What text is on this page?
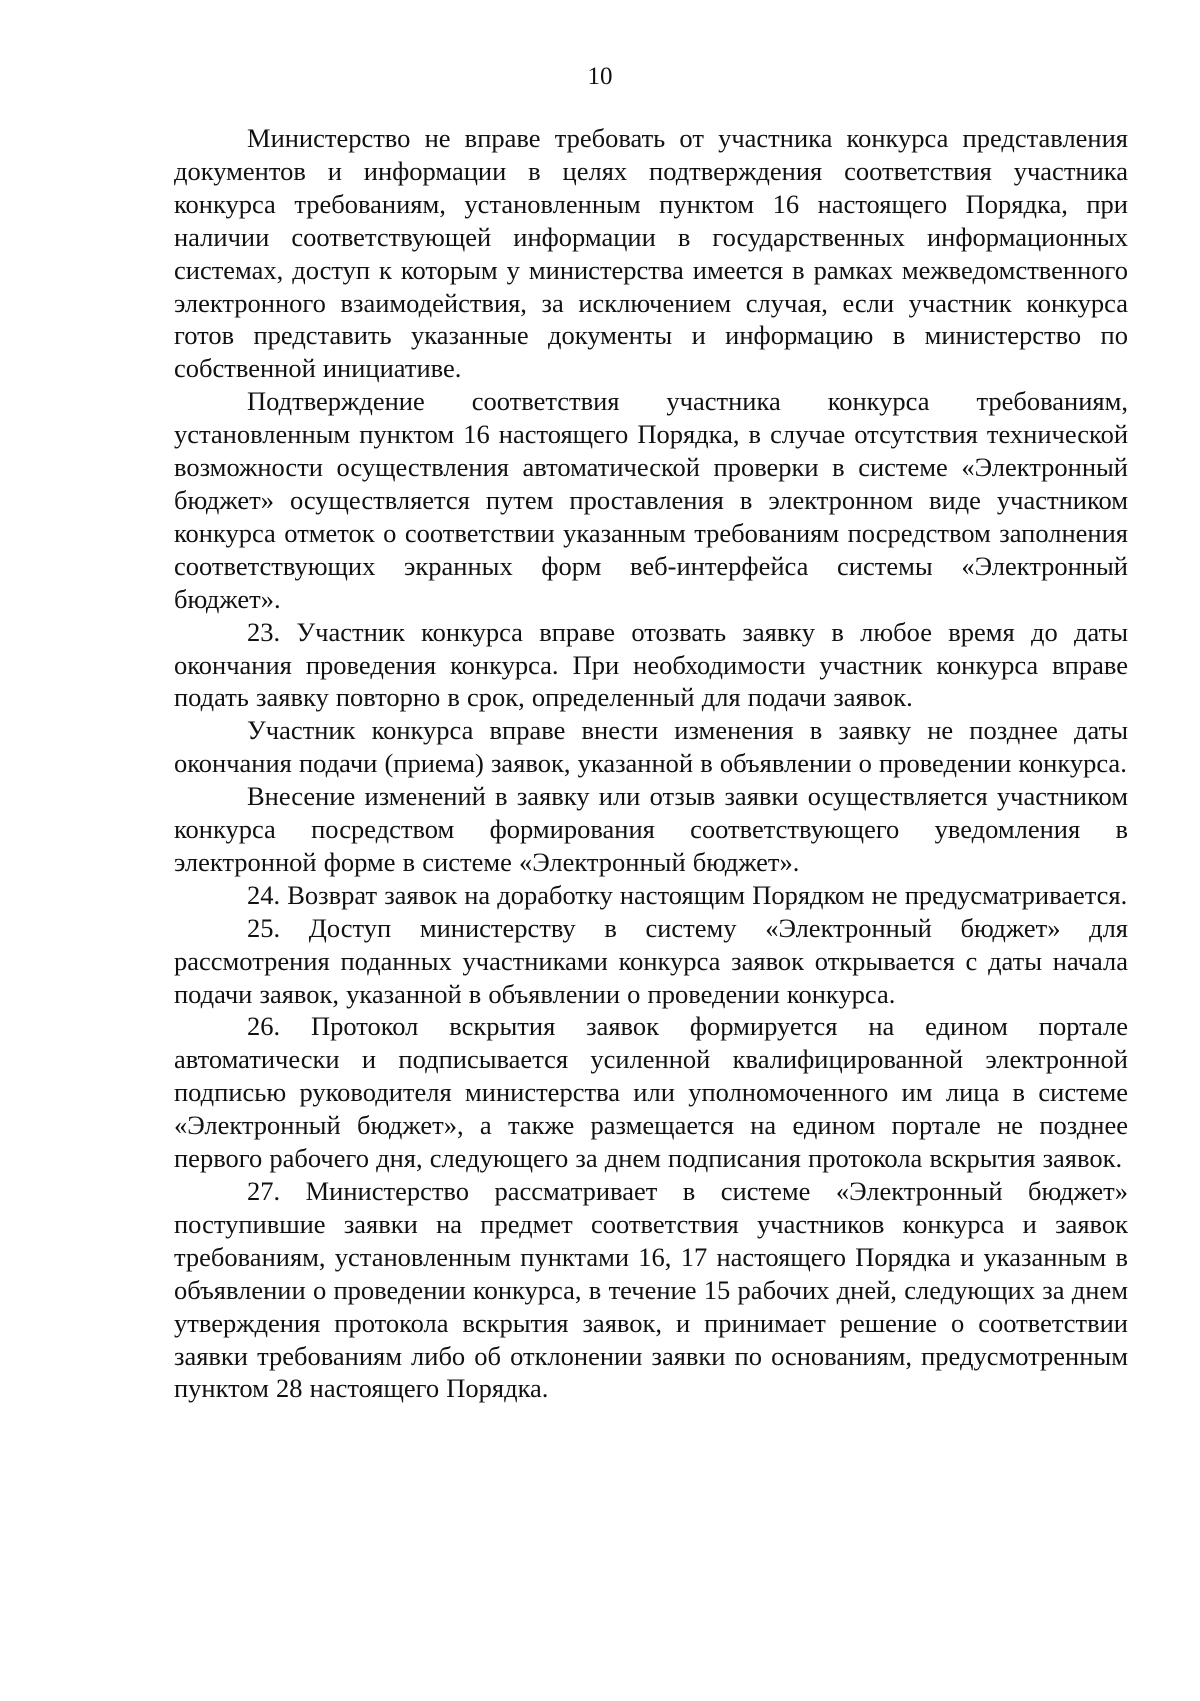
10

Министерство не вправе требовать от участника конкурса представления документов и информации в целях подтверждения соответствия участника конкурса требованиям, установленным пунктом 16 настоящего Порядка, при наличии соответствующей информации в государственных информационных системах, доступ к которым у министерства имеется в рамках межведомственного электронного взаимодействия, за исключением случая, если участник конкурса готов представить указанные документы и информацию в министерство по собственной инициативе.

Подтверждение соответствия участника конкурса требованиям, установленным пунктом 16 настоящего Порядка, в случае отсутствия технической возможности осуществления автоматической проверки в системе «Электронный бюджет» осуществляется путем проставления в электронном виде участником конкурса отметок о соответствии указанным требованиям посредством заполнения соответствующих экранных форм веб-интерфейса системы «Электронный бюджет».

23. Участник конкурса вправе отозвать заявку в любое время до даты окончания проведения конкурса. При необходимости участник конкурса вправе подать заявку повторно в срок, определенный для подачи заявок.

Участник конкурса вправе внести изменения в заявку не позднее даты окончания подачи (приема) заявок, указанной в объявлении о проведении конкурса.

Внесение изменений в заявку или отзыв заявки осуществляется участником конкурса посредством формирования соответствующего уведомления в электронной форме в системе «Электронный бюджет».

24. Возврат заявок на доработку настоящим Порядком не предусматривается.

25. Доступ министерству в систему «Электронный бюджет» для рассмотрения поданных участниками конкурса заявок открывается с даты начала подачи заявок, указанной в объявлении о проведении конкурса.

26. Протокол вскрытия заявок формируется на едином портале автоматически и подписывается усиленной квалифицированной электронной подписью руководителя министерства или уполномоченного им лица в системе «Электронный бюджет», а также размещается на едином портале не позднее первого рабочего дня, следующего за днем подписания протокола вскрытия заявок.

27. Министерство рассматривает в системе «Электронный бюджет» поступившие заявки на предмет соответствия участников конкурса и заявок требованиям, установленным пунктами 16, 17 настоящего Порядка и указанным в объявлении о проведении конкурса, в течение 15 рабочих дней, следующих за днем утверждения протокола вскрытия заявок, и принимает решение о соответствии заявки требованиям либо об отклонении заявки по основаниям, предусмотренным пунктом 28 настоящего Порядка.
